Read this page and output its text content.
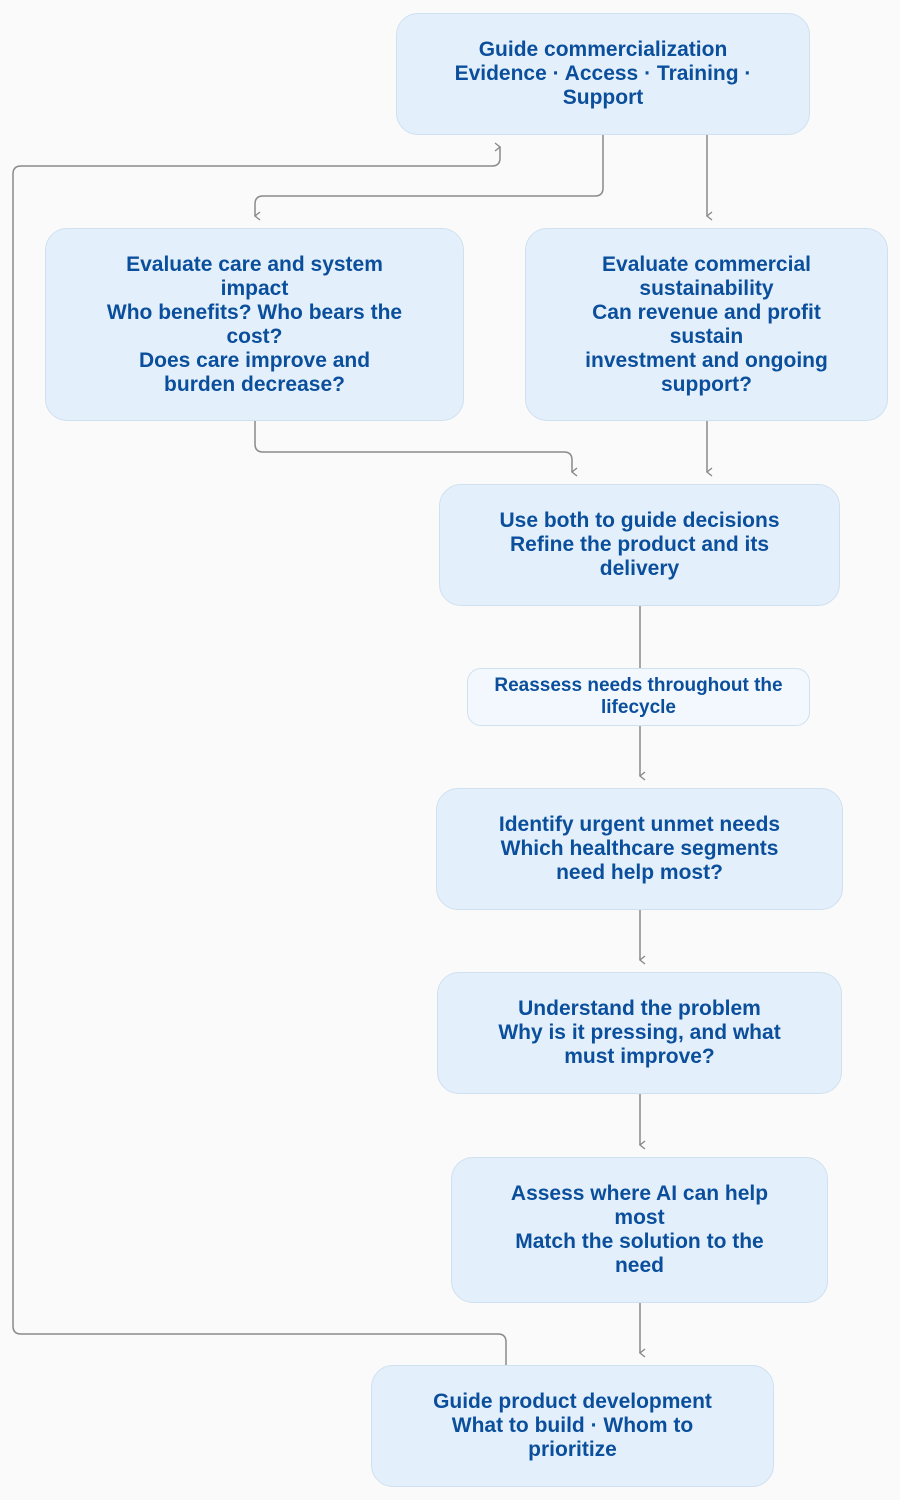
Guide commercialization
Evidence · Access · Training ·
Support
Evaluate care and system
impact
Who benefits? Who bears the
cost?
Does care improve and
burden decrease?
Evaluate commercial
sustainability
Can revenue and profit
sustain
investment and ongoing
support?
Use both to guide decisions
Refine the product and its
delivery
Reassess needs throughout the
lifecycle
Identify urgent unmet needs
Which healthcare segments
need help most?
Understand the problem
Why is it pressing, and what
must improve?
Assess where AI can help
most
Match the solution to the
need
Guide product development
What to build · Whom to
prioritize
